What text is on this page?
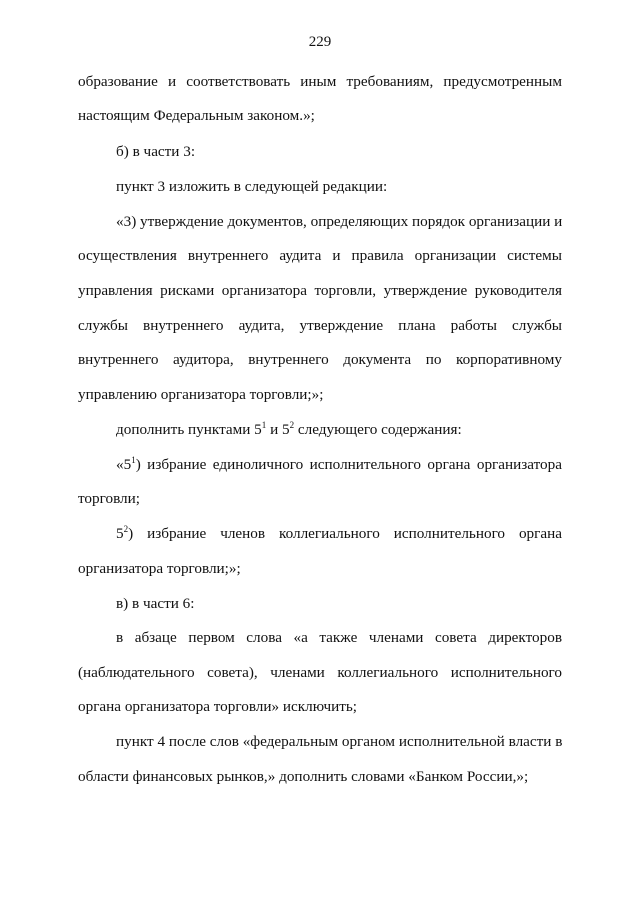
229
образование и соответствовать иным требованиям, предусмотренным
настоящим Федеральным законом.»;
б) в части 3:
пункт 3 изложить в следующей редакции:
«3) утверждение документов, определяющих порядок организации и
осуществления внутреннего аудита и правила организации системы
управления рисками организатора торговли, утверждение руководителя
службы внутреннего аудита, утверждение плана работы службы
внутреннего аудитора, внутреннего документа по корпоративному
управлению организатора торговли;»;
дополнить пунктами $5^1$ и $5^2$ следующего содержания:
«$5^1$) избрание единоличного исполнительного органа организатора
торговли;
$5^2$) избрание членов коллегиального исполнительного органа
организатора торговли;»;
в) в части 6:
в абзаце первом слова «а также членами совета директоров
(наблюдательного совета), членами коллегиального исполнительного
органа организатора торговли» исключить;
пункт 4 после слов «федеральным органом исполнительной власти в
области финансовых рынков,» дополнить словами «Банком России,»;
